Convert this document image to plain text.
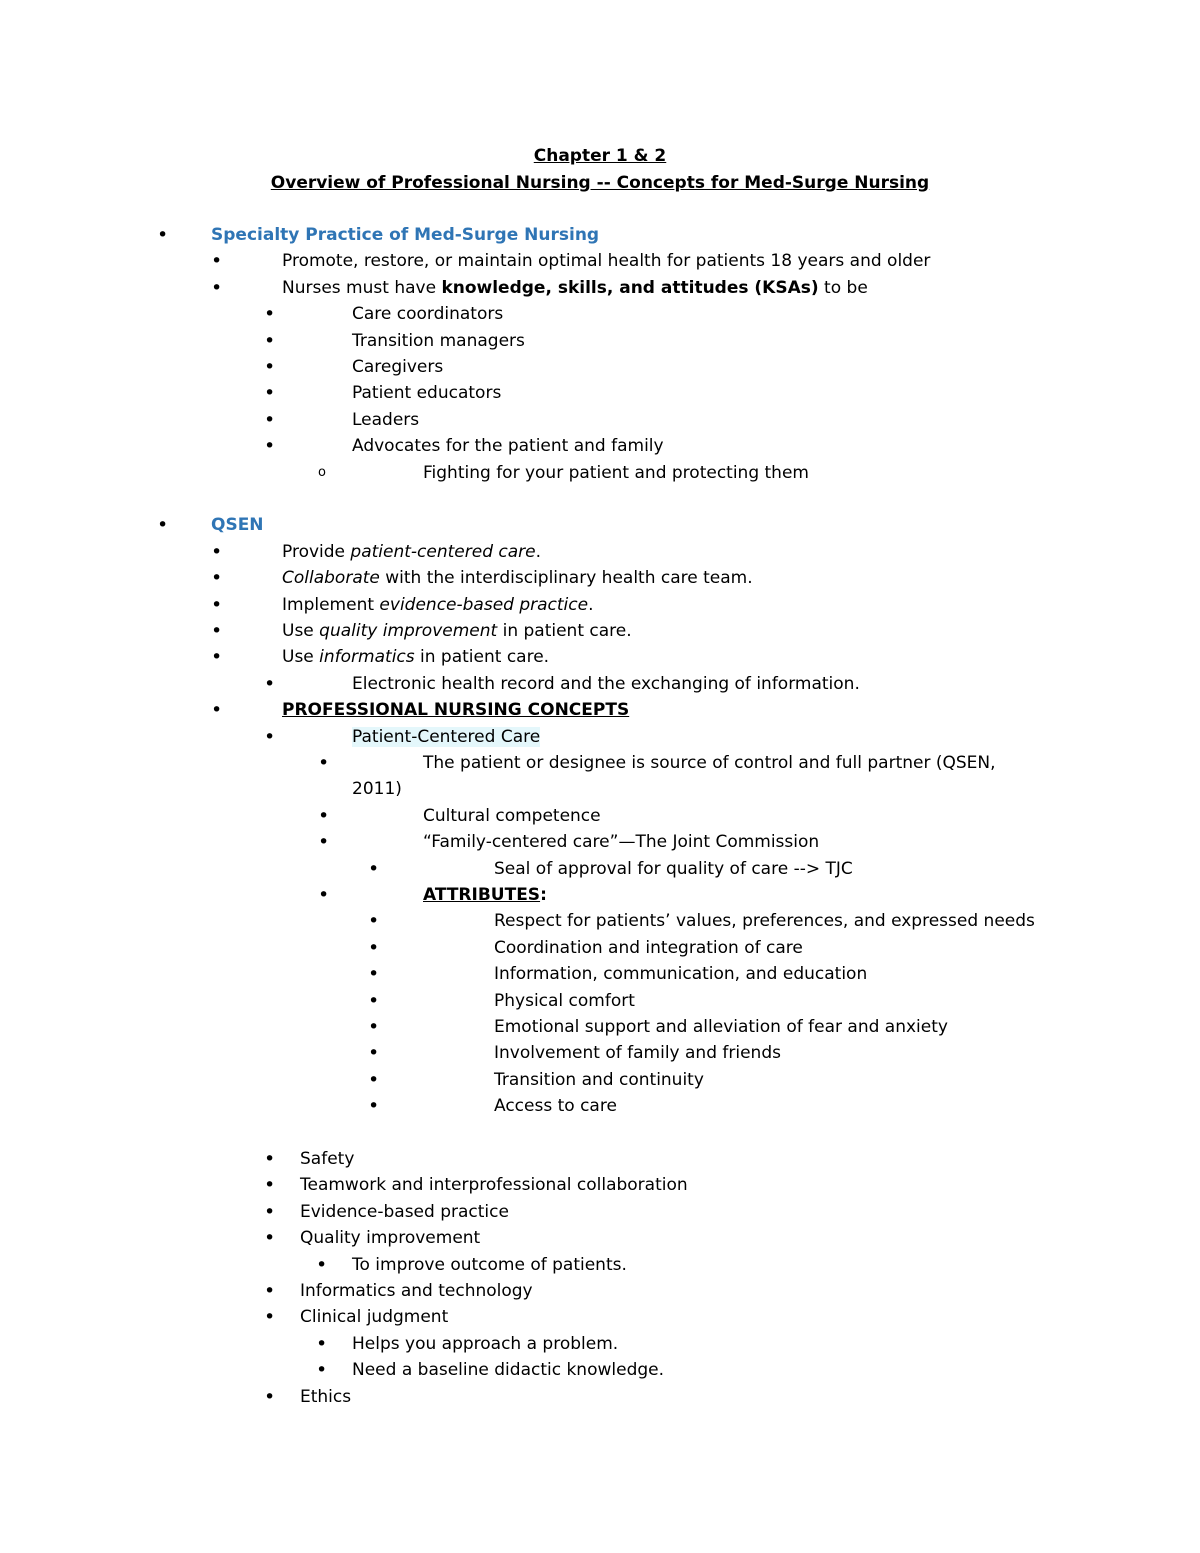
Chapter 1 & 2
Overview of Professional Nursing -- Concepts for Med-Surge Nursing
•	Specialty Practice of Med-Surge Nursing
•	Promote, restore, or maintain optimal health for patients 18 years and older
•	Nurses must have knowledge, skills, and attitudes (KSAs) to be
•	Care coordinators
•	Transition managers
•	Caregivers
•	Patient educators
•	Leaders
•	Advocates for the patient and family
o	Fighting for your patient and protecting them
•	QSEN
•	Provide patient-centered care.
•	Collaborate with the interdisciplinary health care team.
•	Implement evidence-based practice.
•	Use quality improvement in patient care.
•	Use informatics in patient care.
•	Electronic health record and the exchanging of information.
•	PROFESSIONAL NURSING CONCEPTS
•	Patient-Centered Care
•	The patient or designee is source of control and full partner (QSEN,
2011)
•	Cultural competence
•	“Family-centered care”—The Joint Commission
•	Seal of approval for quality of care --> TJC
•	ATTRIBUTES:
•	Respect for patients’ values, preferences, and expressed needs
•	Coordination and integration of care
•	Information, communication, and education
•	Physical comfort
•	Emotional support and alleviation of fear and anxiety
•	Involvement of family and friends
•	Transition and continuity
•	Access to care
• Safety
• Teamwork and interprofessional collaboration
• Evidence-based practice
• Quality improvement
• To improve outcome of patients.
• Informatics and technology
• Clinical judgment
• Helps you approach a problem.
• Need a baseline didactic knowledge.
• Ethics
